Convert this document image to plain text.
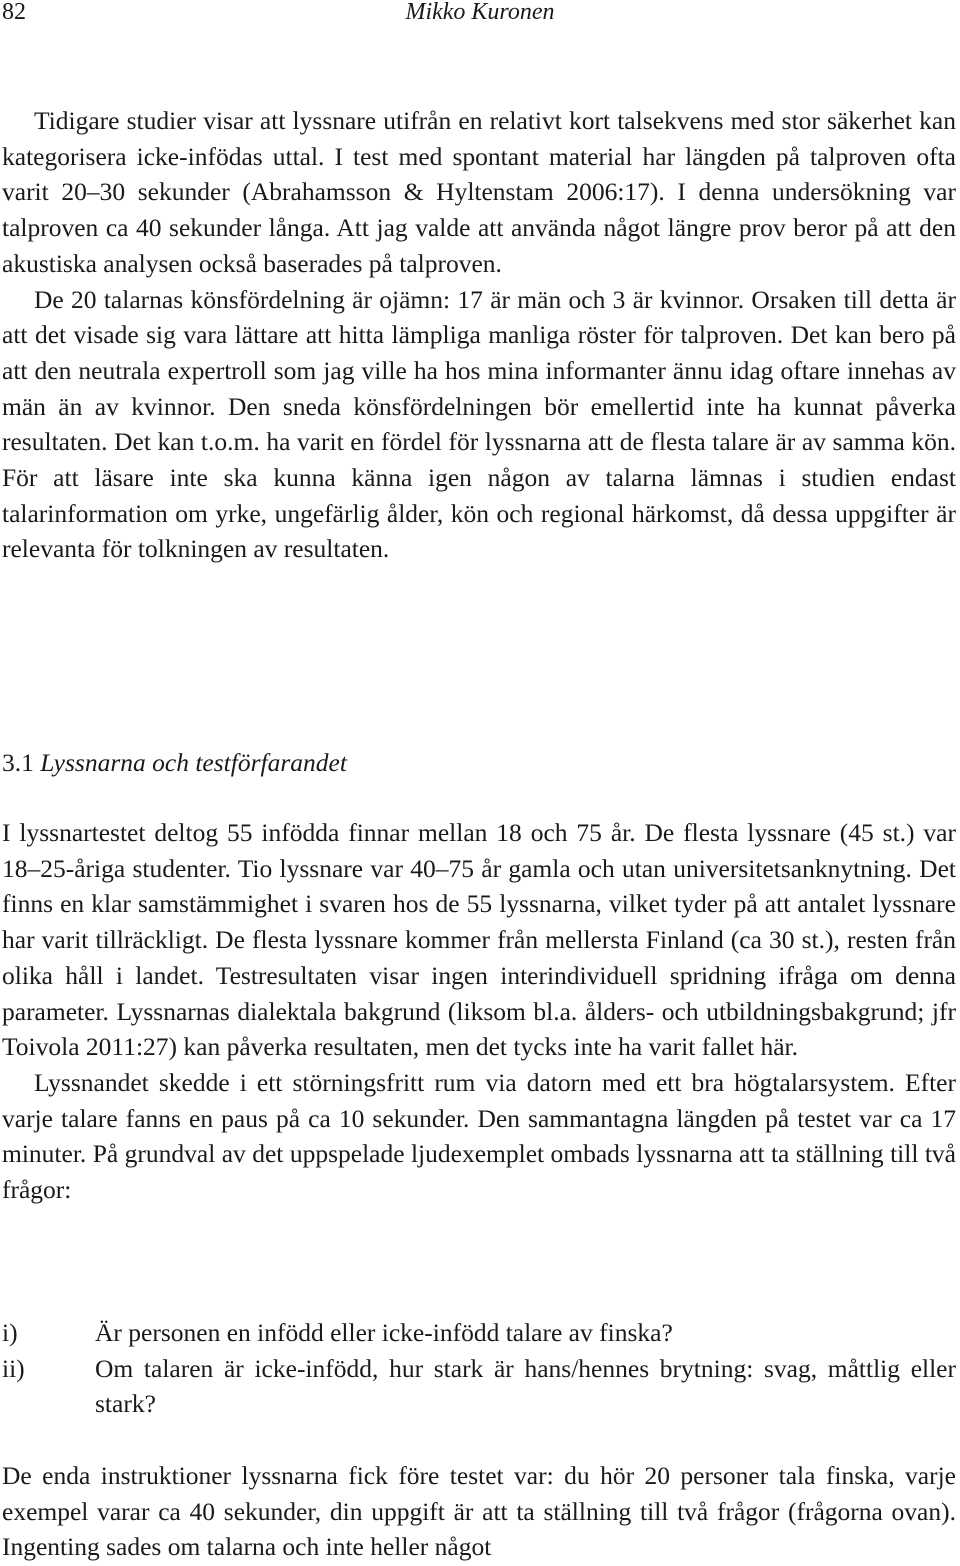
82	Mikko Kuronen

Tidigare studier visar att lyssnare utifrån en relativt kort talsekvens med stor säkerhet kan kategorisera icke-infödas uttal. I test med spontant material har längden på talproven ofta varit 20–30 sekunder (Abrahamsson & Hyltenstam 2006:17). I denna undersökning var talproven ca 40 sekunder långa. Att jag valde att använda något längre prov beror på att den akustiska analysen också baserades på talproven.

De 20 talarnas könsfördelning är ojämn: 17 är män och 3 är kvinnor. Orsaken till detta är att det visade sig vara lättare att hitta lämpliga manliga röster för talproven. Det kan bero på att den neutrala expertroll som jag ville ha hos mina informanter ännu idag oftare innehas av män än av kvinnor. Den sneda könsfördelningen bör emellertid inte ha kunnat påverka resultaten. Det kan t.o.m. ha varit en fördel för lyssnarna att de flesta talare är av samma kön. För att läsare inte ska kunna känna igen någon av talarna lämnas i studien endast talarinformation om yrke, ungefärlig ålder, kön och regional härkomst, då dessa uppgifter är relevanta för tolkningen av resultaten.

3.1 Lyssnarna och testförfarandet

I lyssnartestet deltog 55 infödda finnar mellan 18 och 75 år. De flesta lyssnare (45 st.) var 18–25-åriga studenter. Tio lyssnare var 40–75 år gamla och utan universitetsanknytning. Det finns en klar samstämmighet i svaren hos de 55 lyssnarna, vilket tyder på att antalet lyssnare har varit tillräckligt. De flesta lyssnare kommer från mellersta Finland (ca 30 st.), resten från olika håll i landet. Testresultaten visar ingen interindividuell spridning ifråga om denna parameter. Lyssnarnas dialektala bakgrund (liksom bl.a. ålders- och utbildningsbakgrund; jfr Toivola 2011:27) kan påverka resultaten, men det tycks inte ha varit fallet här.

Lyssnandet skedde i ett störningsfritt rum via datorn med ett bra högtalarsystem. Efter varje talare fanns en paus på ca 10 sekunder. Den sammantagna längden på testet var ca 17 minuter. På grundval av det uppspelade ljudexemplet ombads lyssnarna att ta ställning till två frågor:

i)	Är personen en infödd eller icke-infödd talare av finska?
ii)	Om talaren är icke-infödd, hur stark är hans/hennes brytning: svag, måttlig eller stark?

De enda instruktioner lyssnarna fick före testet var: du hör 20 personer tala finska, varje exempel varar ca 40 sekunder, din uppgift är att ta ställning till två frågor (frågorna ovan). Ingenting sades om talarna och inte heller något
